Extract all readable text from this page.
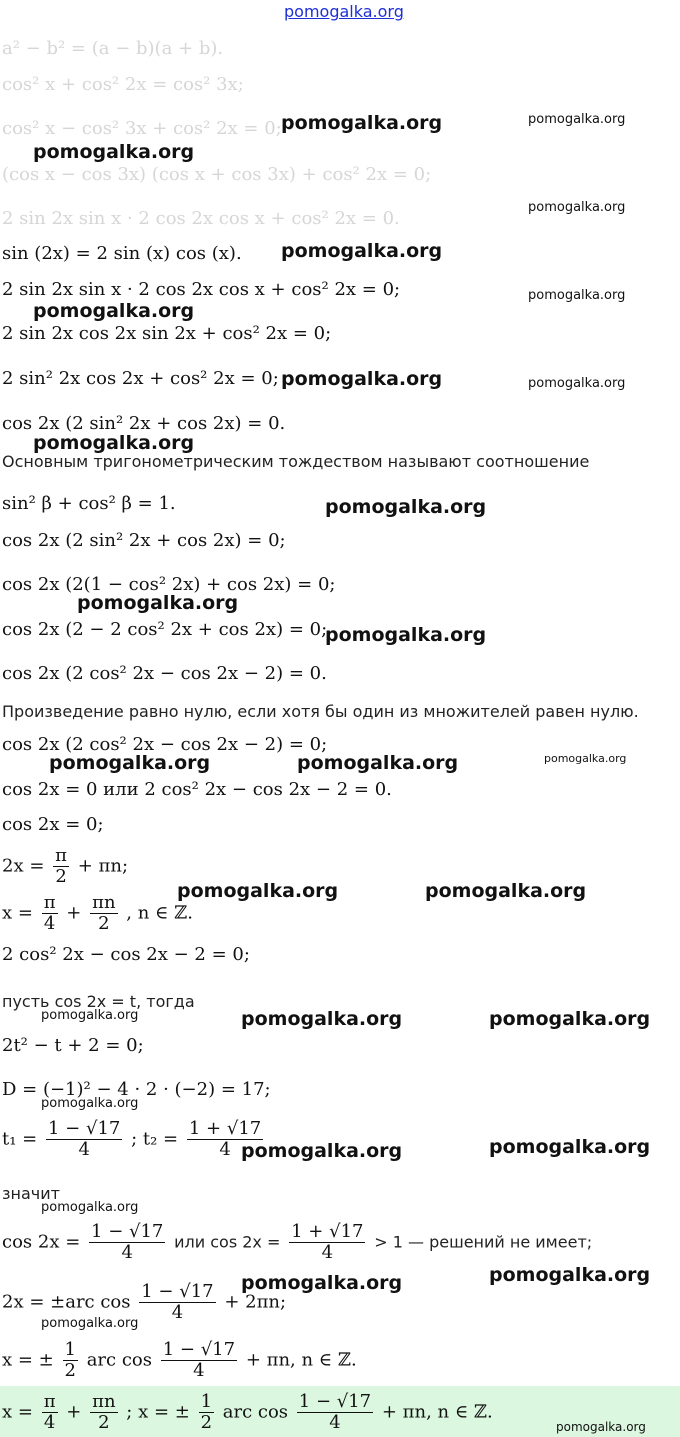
pomogalka.org
a² − b² = (a − b)(a + b).
cos² x + cos² 2x = cos² 3x;
cos² x − cos² 3x + cos² 2x = 0;
(cos x − cos 3x) (cos x + cos 3x) + cos² 2x = 0;
2 sin 2x sin x · 2 cos 2x cos x + cos² 2x = 0.
sin (2x) = 2 sin (x) cos (x).
2 sin 2x sin x · 2 cos 2x cos x + cos² 2x = 0;
2 sin 2x cos 2x sin 2x + cos² 2x = 0;
2 sin² 2x cos 2x + cos² 2x = 0;
cos 2x (2 sin² 2x + cos 2x) = 0.
Основным тригонометрическим тождеством называют соотношение
sin² β + cos² β = 1.
cos 2x (2 sin² 2x + cos 2x) = 0;
cos 2x (2(1 − cos² 2x) + cos 2x) = 0;
cos 2x (2 − 2 cos² 2x + cos 2x) = 0;
cos 2x (2 cos² 2x − cos 2x − 2) = 0.
Произведение равно нулю, если хотя бы один из множителей равен нулю.
cos 2x (2 cos² 2x − cos 2x − 2) = 0;
cos 2x = 0 или 2 cos² 2x − cos 2x − 2 = 0.
cos 2x = 0;
$2x = \frac{\pi}{2} + \pi n$;
$x = \frac{\pi}{4} + \frac{\pi n}{2}$ , n ∈ ℤ.
2 cos² 2x − cos 2x − 2 = 0;
пусть cos 2x = t, тогда
2t² − t + 2 = 0;
D = (−1)² − 4 · 2 · (−2) = 17;
$t_1 = \frac{1 - √17}{4}$ ; $t_2 = \frac{1 + √17}{4}$
значит
$\cos 2x = \frac{1 - √17}{4}$ или $\cos 2x = \frac{1 + √17}{4} > 1$ — решений не имеет;
2x = ±arc $\cos \frac{1 - √17}{4} + 2\pi n$;
x = ± $\frac{1}{2}$ arc $\cos \frac{1 - √17}{4} + \pi n$, n ∈ ℤ.
$x = \frac{\pi}{4} + \frac{\pi n}{2}$ ; x = ± $\frac{1}{2}$ arc $\cos \frac{1 - √17}{4} + \pi n$, n ∈ ℤ.
pomogalka.org	pomogalka.org
pomogalka.org
pomogalka.org
pomogalka.org
pomogalka.org
pomogalka.org
pomogalka.org	pomogalka.org
pomogalka.org
pomogalka.org
pomogalka.org
pomogalka.org
pomogalka.org	pomogalka.org	pomogalka.org
pomogalka.org	pomogalka.org
pomogalka.org	pomogalka.org	pomogalka.org
pomogalka.org
pomogalka.org	pomogalka.org
pomogalka.org
pomogalka.org	pomogalka.org
pomogalka.org
pomogalka.org
